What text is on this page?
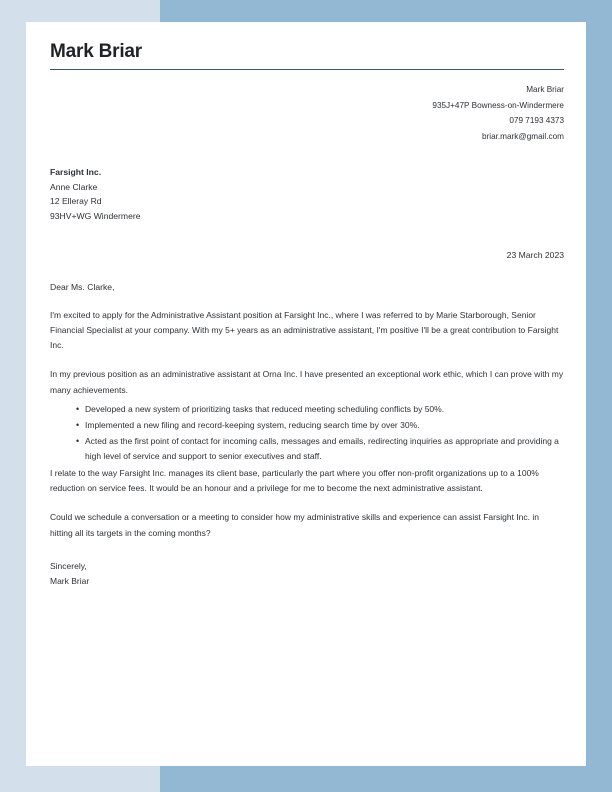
Mark Briar
Mark Briar
935J+47P Bowness-on-Windermere
079 7193 4373
briar.mark@gmail.com
Farsight Inc.
Anne Clarke
12 Elleray Rd
93HV+WG Windermere
23 March 2023
Dear Ms. Clarke,

I'm excited to apply for the Administrative Assistant position at Farsight Inc., where I was referred to by Marie Starborough, Senior Financial Specialist at your company. With my 5+ years as an administrative assistant, I'm positive I'll be a great contribution to Farsight Inc.

In my previous position as an administrative assistant at Orna Inc. I have presented an exceptional work ethic, which I can prove with my many achievements.

• Developed a new system of prioritizing tasks that reduced meeting scheduling conflicts by 50%.
• Implemented a new filing and record-keeping system, reducing search time by over 30%.
• Acted as the first point of contact for incoming calls, messages and emails, redirecting inquiries as appropriate and providing a high level of service and support to senior executives and staff.

I relate to the way Farsight Inc. manages its client base, particularly the part where you offer non-profit organizations up to a 100% reduction on service fees. It would be an honour and a privilege for me to become the next administrative assistant.

Could we schedule a conversation or a meeting to consider how my administrative skills and experience can assist Farsight Inc. in hitting all its targets in the coming months?

Sincerely,
Mark Briar
